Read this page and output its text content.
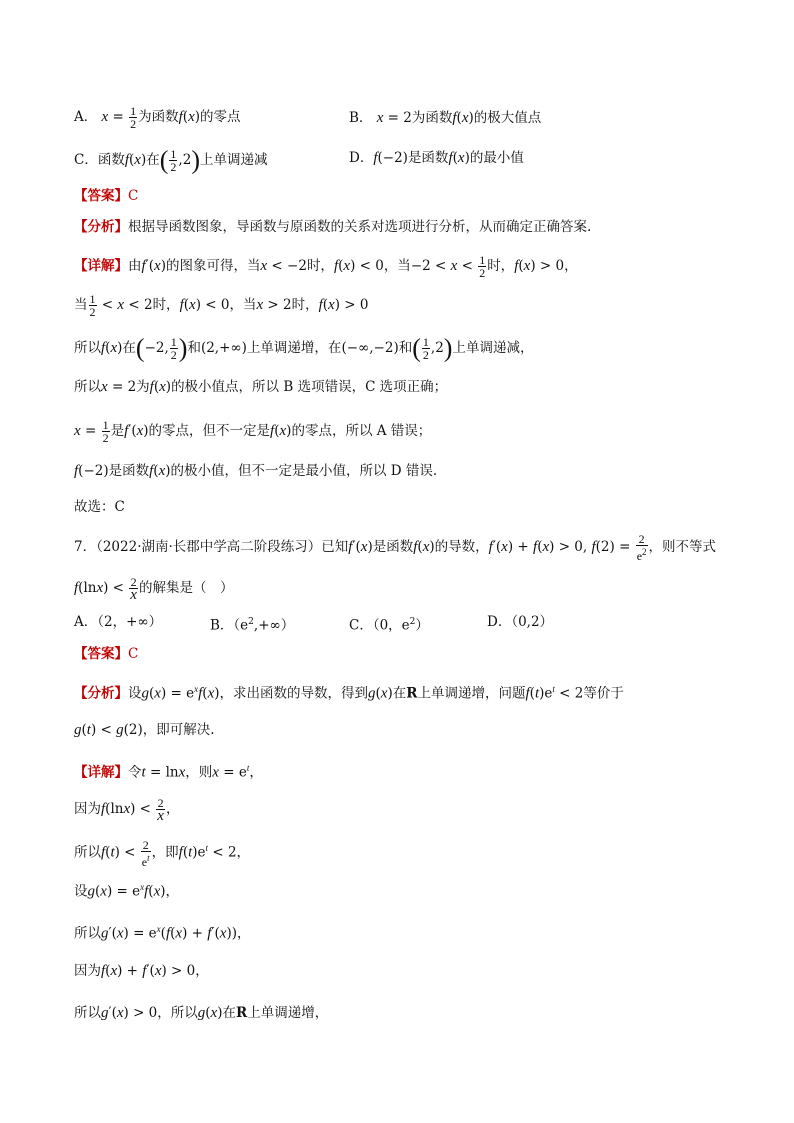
A． $x = \frac{1}{2}$ 为函数f(x)的零点	B． x = 2为函数f(x)的极大值点
C．函数f(x)在( $\frac{1}{2} ,2$)上单调递减	D．f(−2)是函数f(x)的最小值
【答案】C
【分析】根据导函数图象，导函数与原函数的关系对选项进行分析，从而确定正确答案.
【详解】由f′(x)的图象可得，当x < −2时，f(x) < 0，当$-2 < x < \frac{1}{2}$ 时，f(x) > 0，
当 $\frac{1}{2} < x < 2$时，f(x) < 0，当x > 2时，f(x) > 0
所以f(x)在(−2, $\frac{1}{2}$ )和(2,+∞)上单调递增，在(−∞,−2)和( $\frac{1}{2} ,2$)上单调递减，
所以x = 2为f(x)的极小值点，所以 B 选项错误，C 选项正确；
$x = \frac{1}{2}$ 是f′(x)的零点，但不一定是f(x)的零点，所以 A 错误；
f(−2)是函数f(x)的极小值，但不一定是最小值，所以 D 错误.
故选：C
7．（2022·湖南·长郡中学高二阶段练习）已知f′(x)是函数f(x)的导数，f′(x) + f(x) > 0, $f(2) = \frac{2}{e^2}$ ，则不等式
$f(\ln x) < \frac{2}{x}$ 的解集是（　）
A．（2，+∞）	B．$(e^2,+\infty)$	C．（0，$e^2$）	D．（0,2）
【答案】C
【分析】设$g(x) = e^xf(x)$，求出函数的导数，得到g(x)在R上单调递增，问题$f(t)e^t < 2$等价于
g(t) < g(2)，即可解决.
【详解】令t = lnx，则$x = e^t$，
因为$f(\ln x) < \frac{2}{x}$ ，
所以$f(t) < \frac{2}{e^t}$ ，即$f(t)e^t < 2$，
设$g(x) = e^xf(x)$，
所以$g'(x) = e^x(f(x) + f'(x))$，
因为f(x) + f′(x) > 0，
所以g′(x) > 0，所以g(x)在R上单调递增，
